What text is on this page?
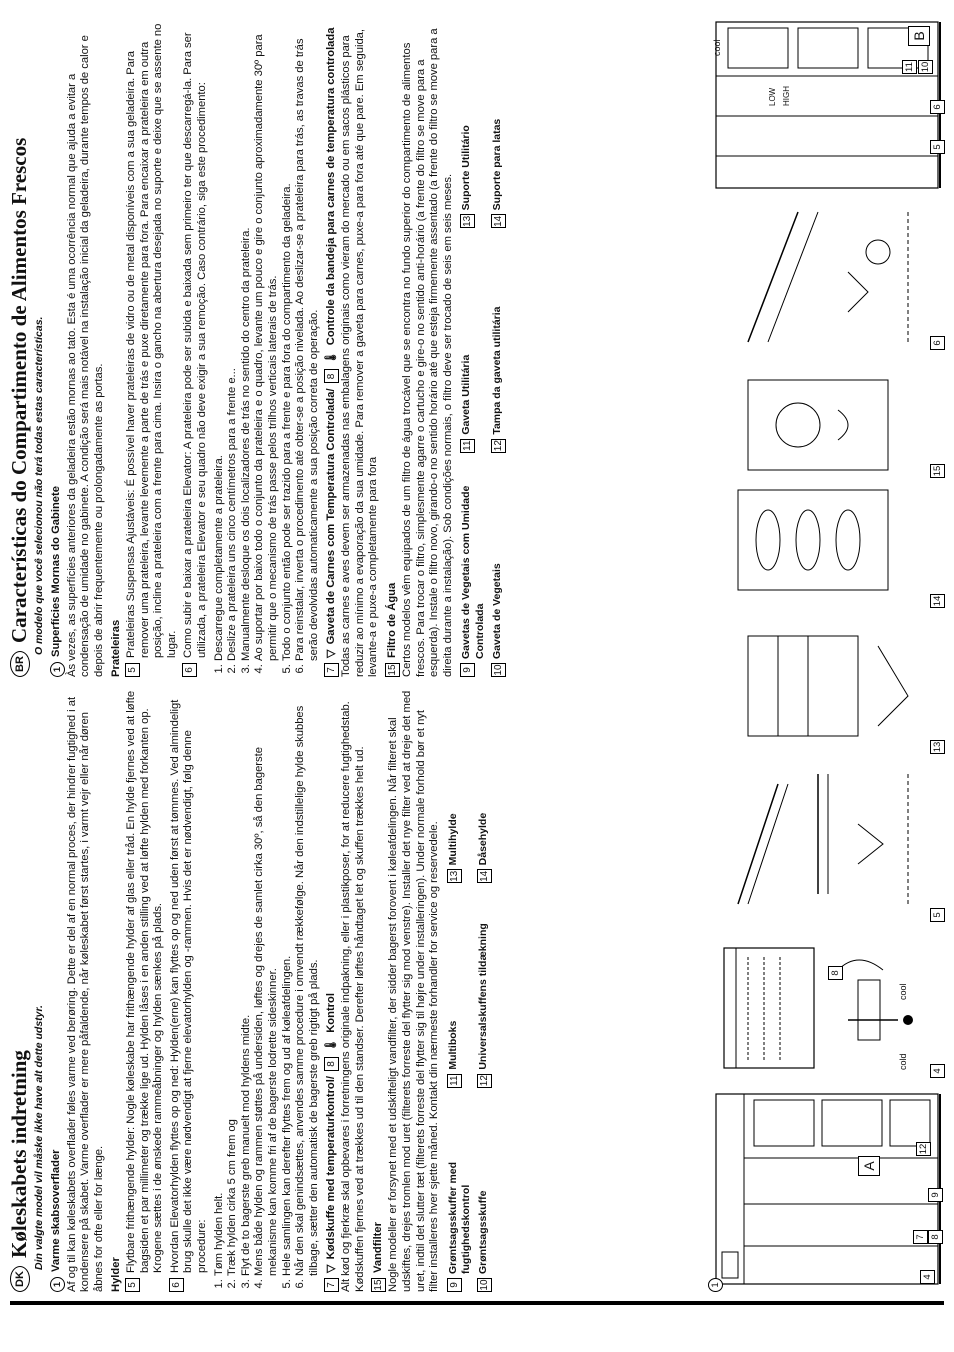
DK
Køleskabets indretning Din valgte model vil måske ikke have alt dette udstyr.
1
Varme skabsoverflader Af og til kan køleskabets overflader føles varme ved berøring. Dette er del af en normal proces, der hindrer fugtighed i at kondensere på skabet. Varme overflader er mere påfaldende, når køleskabet først startes, i varmt vejr eller når døren åbnes for ofte eller for længe. Hylder 5
Flytbare frithængende hylder: Nogle køleskabe har frithængende hylder af glas eller tråd. En hylde fjernes ved at løfte bagsiden et par millimeter og trække lige ud. Hylden låses i en anden stilling ved at løfte hylden med forkanten op. Krogene sættes i de ønskede rammeåbninger og hylden sænkes på plads.
6
Hvordan Elevatorhylden flyttes op og ned: Hylden(erne) kan flyttes op og ned uden først at tømmes. Ved almindeligt brug skulle det ikke være nødvendigt at fjerne elevatorhylden og -rammen. Hvis det er nødvendigt, følg denne procedure: 1. Tøm hylden helt. 2. Træk hylden cirka 5 cm frem og 3. Flyt de to bagerste greb manuelt mod hyldens midte. 4. Mens både hylden og rammen støttes på undersiden, løftes og drejes de samlet cirka 30º, så den bagerste mekanisme kan komme fri af de bagerste lodrette sideskinner. 5. Hele samlingen kan derefter flyttes frem og ud af køleafdelingen. 6. Når den skal genindsættes, anvendes samme procedure i omvendt rækkefølge. Når den indstillelige hylde skubbes tilbage, sætter den automatisk de bagerste greb rigtigt på plads.
7
▽
Kødskuffe med temperaturkontrol/
8
🌡
Kontrol Alt kød og fjerkræ skal opbevares i forretningens originale indpakning, eller i plastikposer, for at reducere fugtighedstab. Kødskuffen fjernes ved at trækkes ud til den standser. Derefter løftes håndtaget let og skuffen trækkes helt ud. 15
Vandfilter Nogle modeller er forsynet med et udskifteligt vandfilter, der sidder bagerst forovent i køleafdelingen. Når filteret skal udskiftes, drejes tromlen mod uret (filterets forreste del flytter sig mod venstre). Installer det nye filter ved at dreje det med uret, indtil det slutter tæt (filterets forreste del flytter sig til højre under installeringen). Under normale forhold bør et nyt filter installeres hver sjette måned. Kontakt din nærmeste forhandler for service og reservedele. 9
Grøntsagsskuffer med fugtighedskontrol
11
Multiboks
13
Multihylde
10
Grøntsagsskuffe
12
Universalskuffens tildækning
14
Dåsehylde
BR
Características do Compartimento de Alimentos Frescos O modelo que você selecionou não terá todas estas características.
1
Superfícies Mornas do Gabinete Às vezes, as superfícies anteriores da geladeira estão mornas ao tato. Esta é uma ocorrência normal que ajuda a evitar a condensação de umidade no gabinete. A condição será mais notável na instalação inicial da geladeira, durante tempos de calor e depois de abrir frequentemente ou prolongadamente as portas. Prateleiras 5
Prateleiras Suspensas Ajustáveis: É possível haver prateleiras de vidro ou de metal disponíveis com a sua geladeira. Para remover uma prateleira, levante levemente a parte de trás e puxe diretamente para fora. Para encaixar a prateleira em outra posição, incline a prateleira com a frente para cima. Insira o gancho na abertura desejada no suporte e deixe que se assente no lugar.
6
Como subir e baixar a prateleira Elevator: A prateleira pode ser subida e baixada sem primeiro ter que descarregá-la. Para ser utilizada, a prateleira Elevator e seu quadro não deve exigir a sua remoção. Caso contrário, siga este procedimento: 1. Descarregue completamente a prateleira. 2. Deslize a prateleira uns cinco centímetros para a frente e... 3. Manualmente desloque os dois localizadores de trás no sentido do centro da prateleira. 4. Ao suportar por baixo todo o conjunto da prateleira e o quadro, levante um pouco e gire o conjunto aproximadamente 30º para permitir que o mecanismo de trás passe pelos trilhos verticais laterais de trás. 5. Todo o conjunto então pode ser trazido para a frente e para fora do compartimento da geladeira. 6. Para reinstalar, inverta o procedimento até obter-se a posição nivelada. Ao deslizar-se a prateleira para trás, as travas de trás serão devolvidas automaticamente a sua posição correta de operação.
7
▽
Gaveta de Carnes com Temperatura Controlada/
8
🌡
Controle da bandeja para carnes de temperatura controlada Todas as carnes e aves devem ser armazenadas nas embalagens originais como vieram do mercado ou em sacos plásticos para reduzir ao mínimo a evaporação da sua umidade. Para remover a gaveta para carnes, puxe-a para fora até que pare. Em seguida, levante-a e puxe-a completamente para fora 15
Filtro de Água Certos modelos vêm equipados de um filtro de água trocável que se encontra no fundo superior do compartimento de alimentos frescos. Para trocar o filtro, simplesmente agarre o cartucho e gire-o no sentido anti-horário (a frente do filtro se move para a esquerda). Instale o filtro novo, girando-o no sentido horário até que esteja firmemente assentado (a frente do filtro se move para a direita durante a instalação). Sob condições normais, o filtro deve ser trocado de seis em seis meses. 9
Gavetas de Vegetais com Umidade Controlada
11
Gaveta Utilitária
13
Suporte Utilitário
10
Gaveta de Vegetais
12
Tampa da gaveta utilitária
14
Suporte para latas
A
1
4
7 8
9
12
4
8
cold
cool
5
13
14
15
6
B
5
6
10
11
cool
LOW HIGH
